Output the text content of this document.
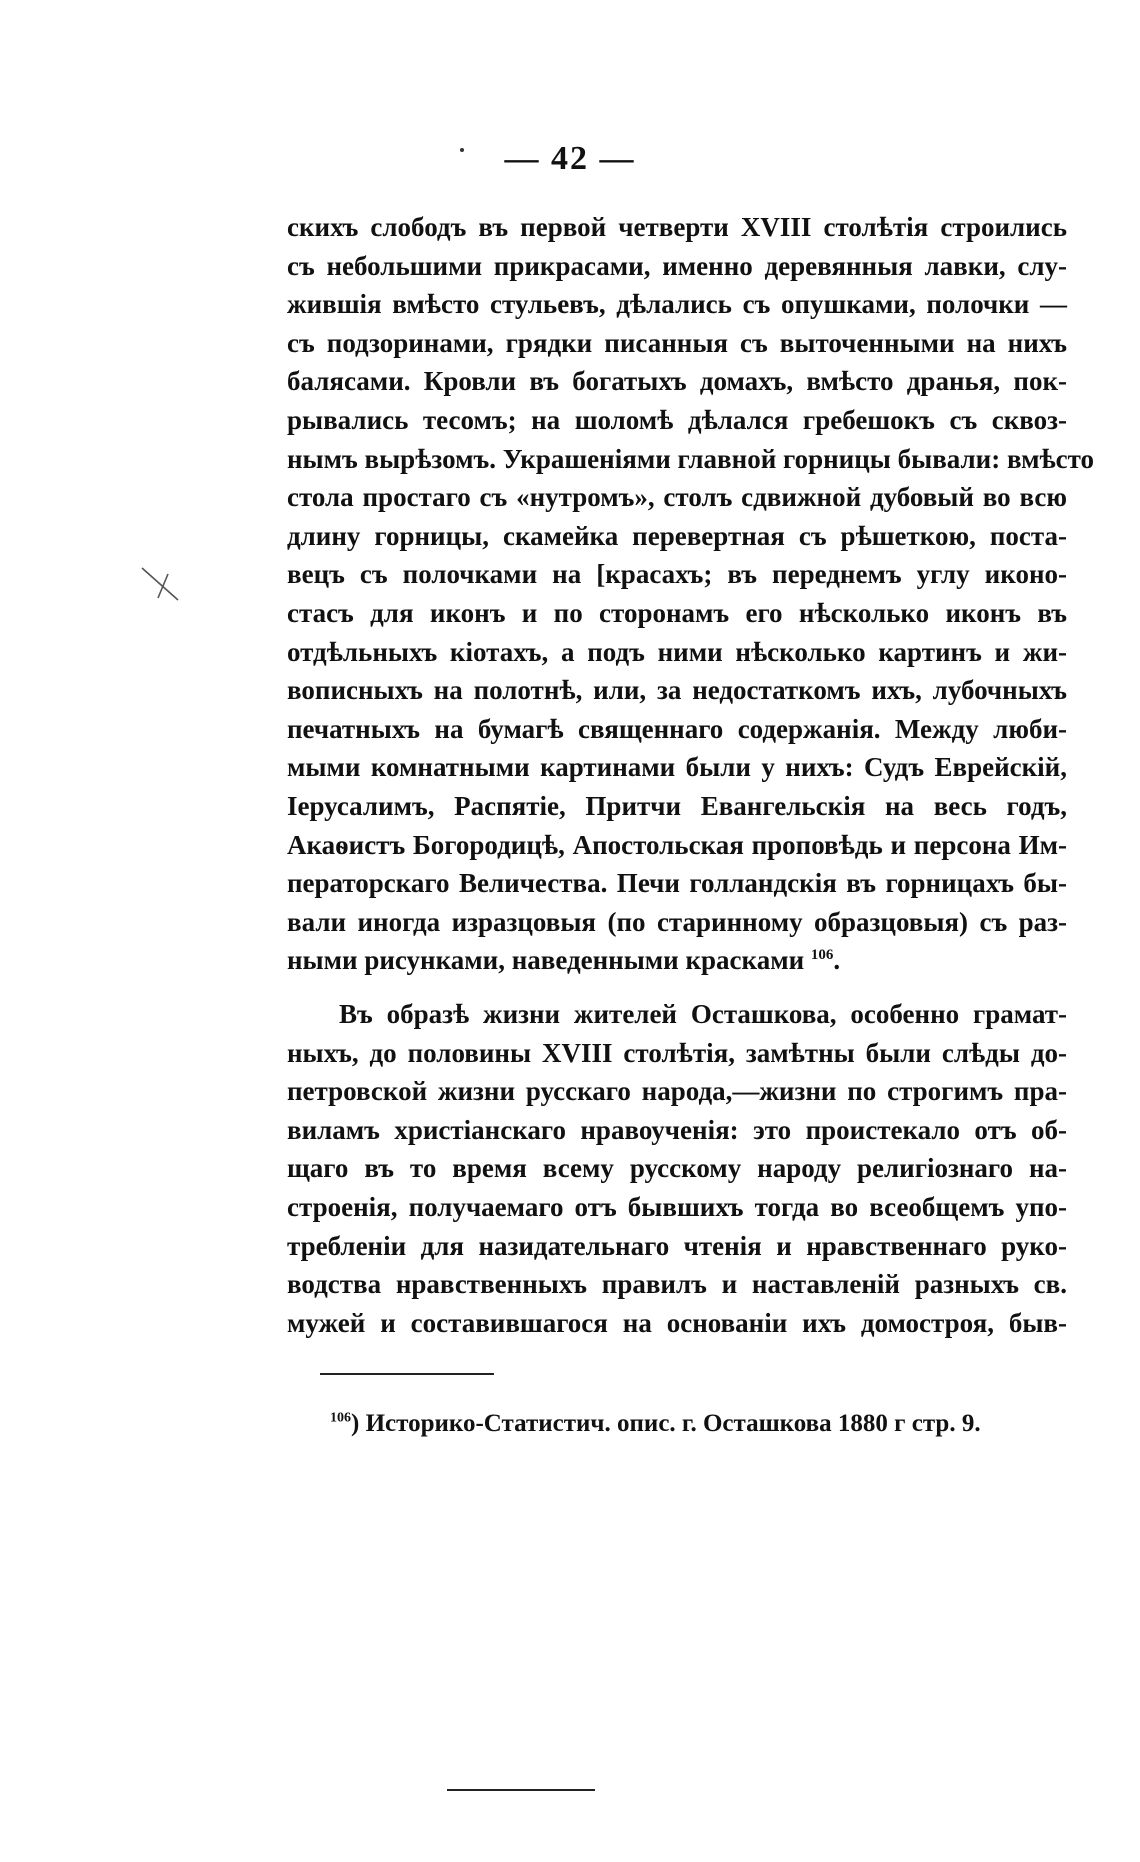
— 42 —
скихъ слободъ въ первой четверти XVIII столѣтія строились
съ небольшими прикрасами, именно деревянныя лавки, слу-
жившія вмѣсто стульевъ, дѣлались съ опушками, полочки —
съ подзоринами, грядки писанныя съ выточенными на нихъ
балясами. Кровли въ богатыхъ домахъ, вмѣсто дранья, пок-
рывались тесомъ; на шоломѣ дѣлался гребешокъ съ сквоз-
нымъ вырѣзомъ. Украшеніями главной горницы бывали: вмѣсто
стола простаго съ «нутромъ», столъ сдвижной дубовый во всю
длину горницы, скамейка перевертная съ рѣшеткою, поста-
вецъ съ полочками на [красахъ; въ переднемъ углу иконо-
стасъ для иконъ и по сторонамъ его нѣсколько иконъ въ
отдѣльныхъ кіотахъ, а подъ ними нѣсколько картинъ и жи-
вописныхъ на полотнѣ, или, за недостаткомъ ихъ, лубочныхъ
печатныхъ на бумагѣ священнаго содержанія. Между люби-
мыми комнатными картинами были у нихъ: Судъ Еврейскій,
Іерусалимъ, Распятіе, Притчи Евангельскія на весь годъ,
Акаѳистъ Богородицѣ, Апостольская проповѣдь и персона Им-
ператорскаго Величества. Печи голландскія въ горницахъ бы-
вали иногда изразцовыя (по старинному образцовыя) съ раз-
ными рисунками, наведенными красками $^{106}$.
Въ образѣ жизни жителей Осташкова, особенно грамат-
ныхъ, до половины XVIII столѣтія, замѣтны были слѣды до-
петровской жизни русскаго народа,—жизни по строгимъ пра-
виламъ христіанскаго нравоученія: это проистекало отъ об-
щаго въ то время всему русскому народу религіознаго на-
строенія, получаемаго отъ бывшихъ тогда во всеобщемъ упо-
требленіи для назидательнаго чтенія и нравственнаго руко-
водства нравственныхъ правилъ и наставленій разныхъ св.
мужей и составившагося на основаніи ихъ домостроя, быв-
$^{106}$) Историко-Статистич. опис. г. Осташкова 1880 г стр. 9.
